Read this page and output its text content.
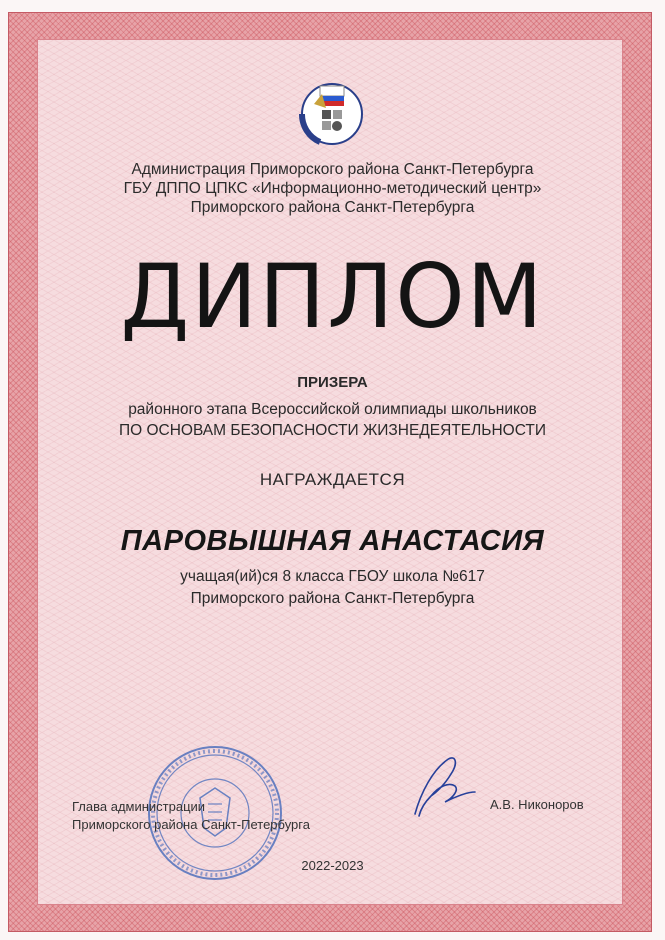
Администрация Приморского района Санкт-Петербурга
ГБУ ДППО ЦПКС «Информационно-методический центр»
Приморского района Санкт-Петербурга
ДИПЛОМ
ПРИЗЕРА
районного этапа Всероссийской олимпиады школьников
ПО ОСНОВАМ БЕЗОПАСНОСТИ ЖИЗНЕДЕЯТЕЛЬНОСТИ
НАГРАЖДАЕТСЯ
ПАРОВЫШНАЯ АНАСТАСИЯ
учащая(ий)ся 8 класса ГБОУ школа №617
Приморского района Санкт-Петербурга
Глава администрации
Приморского района Санкт-Петербурга
А.В. Никоноров
2022-2023
